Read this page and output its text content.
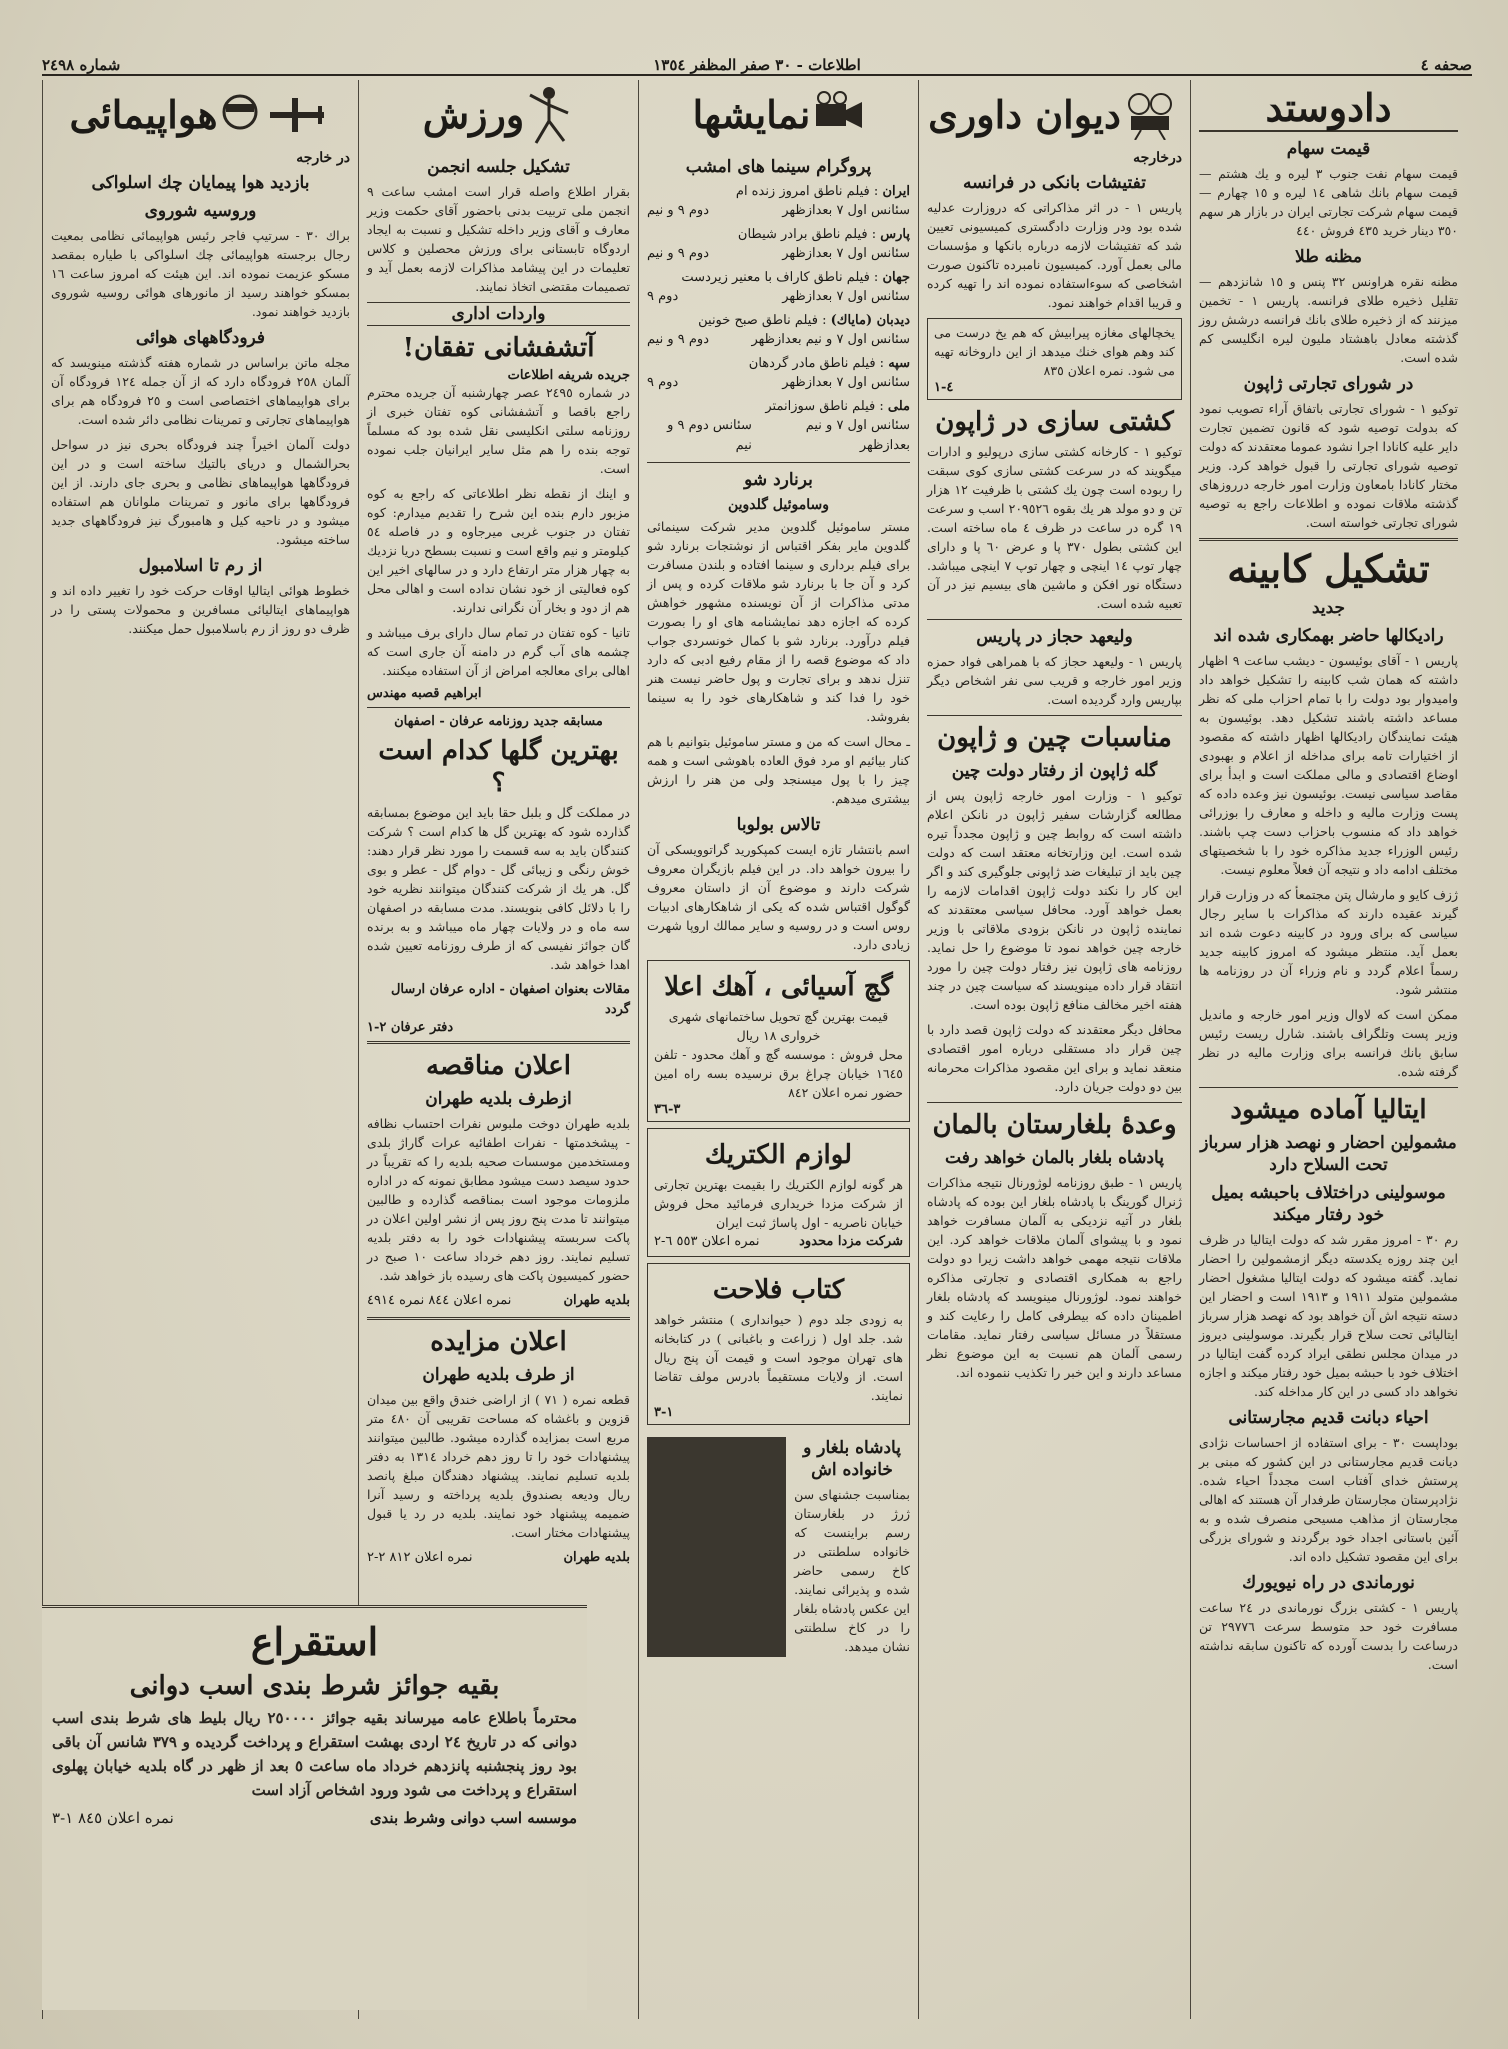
صحفه ٤
اطلاعات - ٣٠ صفر المظفر ١٣٥٤
شماره ٢٤٩٨
دادوستد
قيمت سهام

قيمت سهام نفت جنوب ٣ ليره و يك هشتم — قيمت سهام بانك شاهى ١٤ ليره و ١٥ چهارم — قيمت سهام شركت تجارتى ايران در بازار هر سهم ٣٥٠ دينار خريد ٤٣٥ فروش ٤٤٠

مظنه طلا

مظنه نقره هراونس ٣٢ پنس و ١٥ شانزدهم — تقليل ذخيره طلاى فرانسه. پاريس ١ - تخمين ميزنند كه از ذخيره طلاى بانك فرانسه درشش روز گذشته معادل باهشتاد مليون ليره انگليسى كم شده است.

در شوراى تجارتى ژاپون

توكيو ١ - شوراى تجارتى باتفاق آراء تصويب نمود كه بدولت توصيه شود كه قانون تضمين تجارت داير عليه كانادا اجرا نشود عموما معتقدند كه دولت توصيه شوراى تجارتى را قبول خواهد كرد. وزير مختار كانادا بامعاون وزارت امور خارجه درروزهاى گذشته ملاقات نموده و اطلاعات راجع به توصيه شوراى تجارتى خواسته است.

تشكيل كابينه
جديد
راديكالها حاضر بهمكارى شده اند

پاريس ١ - آقاى بوئيسون - ديشب ساعت ٩ اظهار داشته كه همان شب كابينه را تشكيل خواهد داد وامیدوار بود دولت را با تمام احزاب ملی كه نظر مساعد داشته باشند تشكيل دهد. بوئيسون به هيئت نمايندگان راديكالها اظهار داشته كه مقصود از اختيارات تامه براى مداخله از اعلام و بهبودى اوضاع اقتصادى و مالى مملكت است و ابدأ براى مقاصد سياسى نيست. بوئيسون نيز وعده داده كه پست وزارت ماليه و داخله و معارف را بوزرائى خواهد داد كه منسوب باحزاب دست چپ باشند. رئيس الوزراء جديد مذاكره خود را با شخصيتهاى مختلف ادامه داد و نتيجه آن فعلاً معلوم نيست.

ژزف كايو و مارشال پتن مجتمعأ كه در وزارت قرار گيرند عقيده دارند كه مذاكرات با ساير رجال سياسى كه براى ورود در كابينه دعوت شده اند بعمل آيد. منتظر ميشود كه امروز كابينه جديد رسماً اعلام گردد و نام وزراء آن در روزنامه ها منتشر شود.

ممكن است كه لاوال وزير امور خارجه و مانديل وزير پست وتلگراف باشند. شارل ريست رئيس سابق بانك فرانسه براى وزارت ماليه در نظر گرفته شده.

ايتاليا آماده ميشود
مشمولين احضار و نهصد هزار سرباز تحت السلاح دارد
موسولينى دراختلاف باحبشه بميل خود رفتار ميكند

رم ٣٠ - امروز مقرر شد كه دولت ايتاليا در ظرف اين چند روزه يكدسته ديگر ازمشمولين را احضار نمايد. گفته ميشود كه دولت ايتاليا مشغول احضار مشمولين متولد ١٩١١ و ١٩١٣ است و احضار اين دسته نتيجه اش آن خواهد بود كه نهصد هزار سرباز ايتاليائى تحت سلاح قرار بگيرند. موسولينى ديروز در ميدان مجلس نطقى ايراد كرده گفت ايتاليا در اختلاف خود با حبشه بميل خود رفتار ميكند و اجازه نخواهد داد كسى در اين كار مداخله كند.

احياء دبانت قديم مجارستانى

بوداپست ٣٠ - براى استفاده از احساسات نژادى ديانت قديم مجارستانى در اين كشور كه مبنى بر پرستش خداى آفتاب است مجدداً احياء شده. نژادپرستان مجارستان طرفدار آن هستند كه اهالى مجارستان از مذاهب مسيحى منصرف شده و به آئين باستانى اجداد خود برگردند و شوراى بزرگى براى اين مقصود تشكيل داده اند.

نورماندى در راه نيويورك

پاريس ١ - كشتى بزرگ نورماندى در ٢٤ ساعت مسافرت خود حد متوسط سرعت ٢٩٧٧٦ تن درساعت را بدست آورده كه تاكنون سابقه نداشته است.

ديوان داورى
درخارجه
تفتيشات بانكى در فرانسه

پاريس ١ - در اثر مذاكراتى كه دروزارت عدليه شده بود ودر وزارت دادگسترى كميسيونى تعيين شد كه تفتيشات لازمه درباره بانكها و مؤسسات مالى بعمل آورد. كميسيون نامبرده تاكنون صورت اشخاصى كه سوءاستفاده نموده اند را تهيه كرده و قريبا اقدام خواهند نمود.

يخچالهاى مغازه پيرابيش كه هم يخ درست مى كند وهم هواى خنك ميدهد از اين داروخانه تهيه مى شود. نمره اعلان ٨٣٥

٤-١
كشتى سازى در ژاپون

توكيو ١ - كارخانه كشتى سازى درپوليو و ادارات ميگويند كه در سرعت كشتى سازى كوى سبقت را ربوده است چون يك كشتى با ظرفيت ١٢ هزار تن و دو مولد هر يك بقوه ٢٠٩٥٢٦ اسب و سرعت ١٩ گره در ساعت در ظرف ٤ ماه ساخته است. اين كشتى بطول ٣٧٠ پا و عرض ٦٠ پا و داراى چهار توپ ١٤ اينچى و چهار توپ ٧ اينچى ميباشد. دستگاه نور افكن و ماشين هاى بيسيم نيز در آن تعبيه شده است.

وليعهد حجاز در پاريس

پاريس ١ - وليعهد حجاز كه با همراهى فواد حمزه وزير امور خارجه و قريب سى نفر اشخاص ديگر بپاريس وارد گرديده است.

مناسبات چين و ژاپون
گله ژاپون از رفتار دولت چين

توكيو ١ - وزارت امور خارجه ژاپون پس از مطالعه گزارشات سفير ژاپون در نانكن اعلام داشته است كه روابط چين و ژاپون مجدداً تيره شده است. اين وزارتخانه معتقد است كه دولت چين بايد از تبليغات ضد ژاپونى جلوگيرى كند و اگر اين كار را نكند دولت ژاپون اقدامات لازمه را بعمل خواهد آورد. محافل سياسى معتقدند كه نماينده ژاپون در نانكن بزودى ملاقاتى با وزير خارجه چين خواهد نمود تا موضوع را حل نمايد. روزنامه هاى ژاپون نيز رفتار دولت چين را مورد انتقاد قرار داده مينويسند كه سياست چين در چند هفته اخير مخالف منافع ژاپون بوده است.

محافل ديگر معتقدند كه دولت ژاپون قصد دارد با چين قرار داد مستقلى درباره امور اقتصادى منعقد نمايد و براى اين مقصود مذاكرات محرمانه بين دو دولت جريان دارد.

وعدۀ بلغارستان بالمان
پادشاه بلغار بالمان خواهد رفت

پاريس ١ - طبق روزنامه لوژورنال نتيجه مذاكرات ژنرال گورينگ با پادشاه بلغار اين بوده كه پادشاه بلغار در آتيه نزديكى به آلمان مسافرت خواهد نمود و با پيشواى آلمان ملاقات خواهد كرد. اين ملاقات نتيجه مهمى خواهد داشت زيرا دو دولت راجع به همكارى اقتصادى و تجارتى مذاكره خواهند نمود. لوژورنال مينويسد كه پادشاه بلغار اطمينان داده كه بيطرفى كامل را رعايت كند و مستقلاً در مسائل سياسى رفتار نمايد. مقامات رسمى آلمان هم نسبت به اين موضوع نظر مساعد دارند و اين خبر را تكذيب ننموده اند.

نمايشها
پروگرام سينما هاى امشب
ايران : فيلم ناطق امروز زنده ام
سئانس اول ٧ بعدازظهر
دوم ٩ و نيم
پارس : فيلم ناطق برادر شيطان
سئانس اول ٧ بعدازظهر
دوم ٩ و نيم
جهان : فيلم ناطق كاراف با معنير زيردست
سئانس اول ٧ بعدازظهر
دوم ٩
ديدبان (ماياك) : فيلم ناطق صبح خونين
سئانس اول ٧ و نيم بعدازظهر
دوم ٩ و نيم
سپه : فيلم ناطق مادر گردهان
سئانس اول ٧ بعدازظهر
دوم ٩
ملى : فيلم ناطق سوزانمتر
سئانس اول ٧ و نيم بعدازظهر
سئانس دوم ٩ و نيم
برنارد شو
وساموئيل گلدوين

مستر ساموئيل گلدوين مدير شركت سينمائى گلدوين ماير بفكر اقتباس از نوشتجات برنارد شو براى فيلم برداری و سينما افتاده و بلندن مسافرت كرد و آن جا با برنارد شو ملاقات كرده و پس از مدتى مذاكرات از آن نويسنده مشهور خواهش كرده كه اجازه دهد نمايشنامه هاى او را بصورت فيلم درآورد. برنارد شو با كمال خونسردى جواب داد كه موضوع قصه را از مقام رفيع ادبى كه دارد تنزل ندهد و براى تجارت و پول حاضر نيست هنر خود را فدا كند و شاهكارهاى خود را به سينما بفروشد.

ـ محال است كه من و مستر ساموئيل بتوانيم با هم كنار بيائيم او مرد فوق العاده باهوشى است و همه چيز را با پول ميسنجد ولى من هنر را ارزش بيشترى ميدهم.

تالاس بولوبا

اسم بانتشار تازه ايست كمپكوريد گراتوويسكى آن را بيرون خواهد داد. در اين فيلم بازيگران معروف شركت دارند و موضوع آن از داستان معروف گوگول اقتباس شده كه يكى از شاهكارهاى ادبيات روس است و در روسيه و ساير ممالك اروپا شهرت زيادى دارد.

گچ آسيائى ، آهك اعلا

قيمت بهترين گچ تحويل ساختمانهاى شهرى خروارى ١٨ ريال

محل فروش : موسسه گچ و آهك محدود - تلفن ١٦٤٥ خيابان چراغ برق نرسيده بسه راه امين حضور نمره اعلان ٨٤٢

٣-٣٦
لوازم الكتريك

هر گونه لوازم الكتريك را بقيمت بهترين تجارتى از شركت مزدا خريدارى فرمائيد محل فروش خيابان ناصريه - اول پاساژ ثبت ايران

شركت مزدا محدود
نمره اعلان ٥٥٣ ٦-٢
كتاب فلاحت

به زودى جلد دوم ( حيواندارى ) منتشر خواهد شد. جلد اول ( زراعت و باغبانى ) در كتابخانه هاى تهران موجود است و قيمت آن پنج ريال است. از ولايات مستقيماً بادرس مولف تقاضا نمايند.

١-٣
پادشاه بلغار و خانواده اش

بمناسبت جشنهاى سن ژرژ در بلغارستان رسم براينست كه خانواده سلطنتى در كاخ رسمى حاضر شده و پذيرائى نمايند. اين عكس پادشاه بلغار را در كاخ سلطنتى نشان ميدهد.

ورزش
تشكيل جلسه انجمن

بقرار اطلاع واصله قرار است امشب ساعت ٩ انجمن ملى تربيت بدنى باحضور آقاى حكمت وزير معارف و آقاى وزير داخله تشكيل و نسبت به ايجاد اردوگاه تابستانى براى ورزش محصلين و كلاس تعليمات در اين پيشامد مذاكرات لازمه بعمل آيد و تصميمات مقتضى اتخاذ نمايند.

واردات ادارى
آتشفشانى تفقان!
جريده شريفه اطلاعات

در شماره ٢٤٩٥ عصر چهارشنبه آن جريده محترم راجع باقصا و آتشفشانى كوه تفتان خبرى از روزنامه سلتى انكليسى نقل شده بود كه مسلماً توجه بنده را هم مثل ساير ايرانيان جلب نموده است.

و اينك از نقطه نظر اطلاعاتى كه راجع به كوه مزبور دارم بنده اين شرح را تقديم ميدارم: كوه تفتان در جنوب غربى ميرجاوه و در فاصله ٥٤ كيلومتر و نيم واقع است و نسبت بسطح دريا نزديك به چهار هزار متر ارتفاع دارد و در سالهاى اخير اين كوه فعاليتى از خود نشان نداده است و اهالى محل هم از دود و بخار آن نگرانى ندارند.

تانيا - كوه تفتان در تمام سال داراى برف ميباشد و چشمه هاى آب گرم در دامنه آن جارى است كه اهالى براى معالجه امراض از آن استفاده ميكنند.

ابراهيم قصبه مهندس
مسابقه جديد روزنامه عرفان - اصفهان
بهترين گلها كدام است ؟

در مملكت گل و بلبل حقا بايد اين موضوع بمسابقه گذارده شود كه بهترين گل ها كدام است ؟ شركت كنندگان بايد به سه قسمت را مورد نظر قرار دهند: خوش رنگى و زيبائى گل - دوام گل - عطر و بوى گل. هر يك از شركت كنندگان ميتوانند نظريه خود را با دلائل كافى بنويسند. مدت مسابقه در اصفهان سه ماه و در ولايات چهار ماه ميباشد و به برنده گان جوائز نفيسى كه از طرف روزنامه تعيين شده اهدا خواهد شد.

مقالات بعنوان اصفهان - اداره عرفان ارسال گردد
دفتر عرفان ٢-١
اعلان مناقصه
ازطرف بلديه طهران

بلديه طهران دوخت ملبوس نفرات احتساب نظافه - پيشخدمتها - نفرات اطفائيه عرات گاراژ بلدى ومستخدمين موسسات صحيه بلديه را كه تقريباً در حدود سيصد دست ميشود مطابق نمونه كه در اداره ملزومات موجود است بمناقصه گذارده و طالبين ميتوانند تا مدت پنج روز پس از نشر اولين اعلان در پاكت سربسته پيشنهادات خود را به دفتر بلديه تسليم نمايند. روز دهم خرداد ساعت ١٠ صبح در حضور كميسيون پاكت هاى رسيده باز خواهد شد.

بلديه طهران
نمره اعلان ٨٤٤ نمره ٤٩١٤
اعلان مزايده
از طرف بلديه طهران

قطعه نمره ( ٧١ ) از اراضى خندق واقع بين ميدان قزوين و باغشاه كه مساحت تقريبى آن ٤٨٠ متر مربع است بمزايده گذارده ميشود. طالبين ميتوانند پيشنهادات خود را تا روز دهم خرداد ١٣١٤ به دفتر بلديه تسليم نمايند. پيشنهاد دهندگان مبلغ پانصد ريال وديعه بصندوق بلديه پرداخته و رسيد آنرا ضميمه پيشنهاد خود نمايند. بلديه در رد يا قبول پيشنهادات مختار است.

بلديه طهران
نمره اعلان ٨١٢ ٢-٢
هواپيمائى
در خارجه
بازديد هوا پيمايان چك اسلواكى
وروسيه شوروى

براك ٣٠ - سرتيپ فاجر رئيس هواپيمائى نظامى بمعيت رجال برجسته هواپيمائى چك اسلواكى با طياره بمقصد مسكو عزيمت نموده اند. اين هيئت كه امروز ساعت ١٦ بمسكو خواهند رسيد از مانورهاى هوائى روسيه شوروى بازديد خواهند نمود.

فرودگاههاى هوائى

مجله ماتن براساس در شماره هفته گذشته مينويسد كه آلمان ٢٥٨ فرودگاه دارد كه از آن جمله ١٢٤ فرودگاه آن براى هواپيماهاى اختصاصى است و ٢٥ فرودگاه هم براى هواپيماهاى تجارتى و تمرينات نظامى دائر شده است.

دولت آلمان اخيراً چند فرودگاه بحرى نيز در سواحل بحرالشمال و درياى بالتيك ساخته است و در اين فرودگاهها هواپيماهاى نظامى و بحرى جاى دارند. از اين فرودگاهها براى مانور و تمرينات ملوانان هم استفاده ميشود و در ناحيه كيل و هامبورگ نيز فرودگاههاى جديد ساخته ميشود.

از رم تا اسلامبول

خطوط هوائى ايتاليا اوقات حركت خود را تغيير داده اند و هواپيماهاى ايتاليائى مسافرين و محمولات پستى را در ظرف دو روز از رم باسلامبول حمل ميكنند.

استقراع
بقيه جوائز شرط بندى اسب دوانى

محترماً باطلاع عامه ميرساند بقيه جوائز ٢٥٠٠٠٠ ريال بليط هاى شرط بندى اسب دوانى كه در تاريخ ٢٤ اردى بهشت استقراع و پرداخت گرديده و ٣٧٩ شانس آن باقى بود روز پنجشنبه پانزدهم خرداد ماه ساعت ٥ بعد از ظهر در گاه بلديه خيابان پهلوى استقراع و پرداخت مى شود ورود اشخاص آزاد است

موسسه اسب دوانى وشرط بندى
نمره اعلان ٨٤٥ ١-٣
